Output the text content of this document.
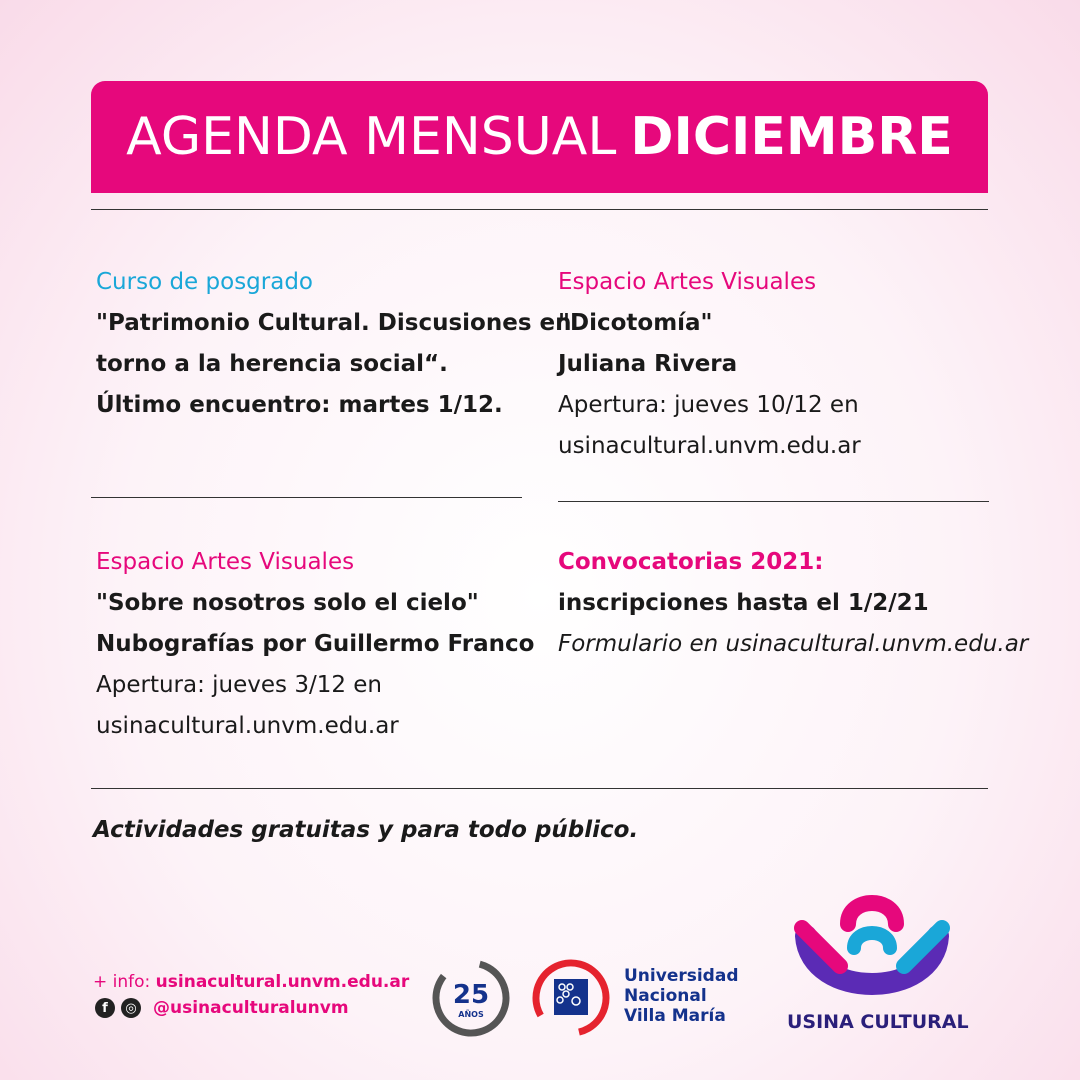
AGENDA MENSUAL DICIEMBRE
Curso de posgrado
"Patrimonio Cultural. Discusiones en
torno a la herencia social“.
Último encuentro: martes 1/12.
Espacio Artes Visuales
"Dicotomía"
Juliana Rivera
Apertura: jueves 10/12 en
usinacultural.unvm.edu.ar
Espacio Artes Visuales
"Sobre nosotros solo el cielo"
Nubografías por Guillermo Franco
Apertura: jueves 3/12 en
usinacultural.unvm.edu.ar
Convocatorias 2021:
inscripciones hasta el 1/2/21
Formulario en usinacultural.unvm.edu.ar
Actividades gratuitas y para todo público.
+ info: usinacultural.unvm.edu.ar
f	◎ @usinaculturalunvm	25
AÑOS
Universidad
Nacional
Villa María	USINA CULTURAL
